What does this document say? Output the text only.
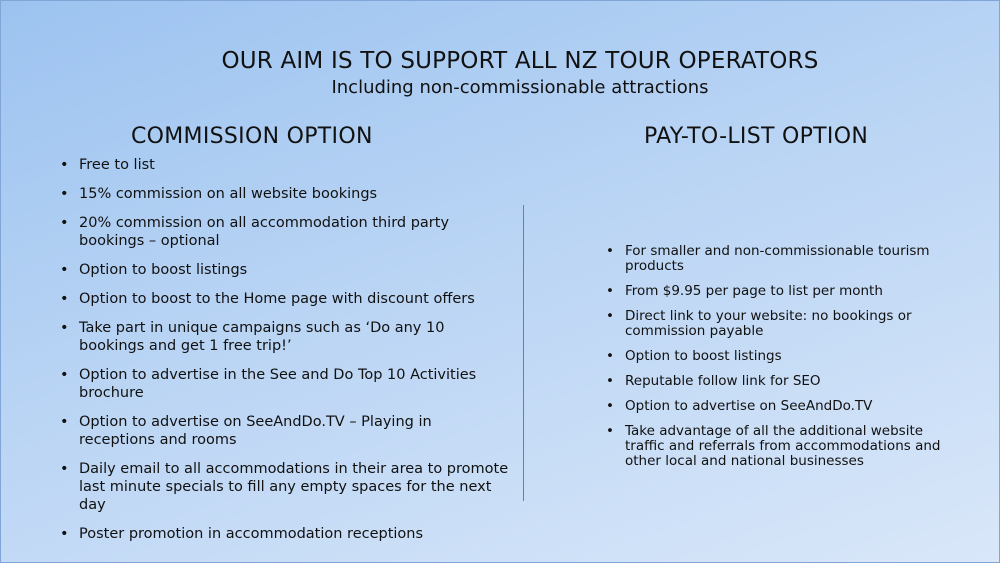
OUR AIM IS TO SUPPORT ALL NZ TOUR OPERATORS
Including non-commissionable attractions
COMMISSION OPTION	PAY-TO-LIST OPTION
• Free to list
• 15% commission on all website bookings
• 20% commission on all accommodation third party bookings – optional
• Option to boost listings
• Option to boost to the Home page with discount offers
• Take part in unique campaigns such as ‘Do any 10 bookings and get 1 free trip!’
• Option to advertise in the See and Do Top 10 Activities brochure
• Option to advertise on SeeAndDo.TV – Playing in receptions and rooms
• Daily email to all accommodations in their area to promote last minute specials to fill any empty spaces for the next day
• Poster promotion in accommodation receptions
• For smaller and non-commissionable tourism products
• From $9.95 per page to list per month
• Direct link to your website: no bookings or commission payable
• Option to boost listings
• Reputable follow link for SEO
• Option to advertise on SeeAndDo.TV
• Take advantage of all the additional website traffic and referrals from accommodations and other local and national businesses
